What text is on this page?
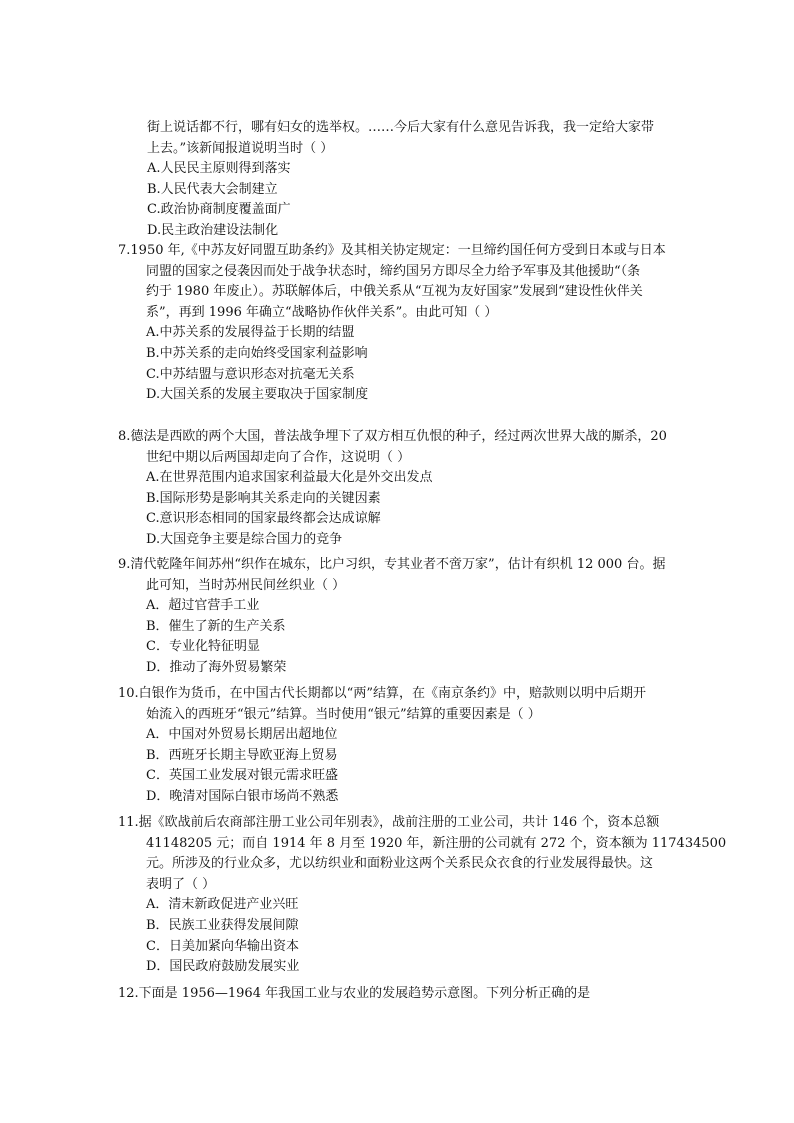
街上说话都不行，哪有妇女的选举权。……今后大家有什么意见告诉我，我一定给大家带
上去。”该新闻报道说明当时（ ）
A.人民民主原则得到落实
B.人民代表大会制建立
C.政治协商制度覆盖面广
D.民主政治建设法制化
7.1950 年,《中苏友好同盟互助条约》及其相关协定规定：一旦缔约国任何方受到日本或与日本
同盟的国家之侵袭因而处于战争状态时，缔约国另方即尽全力给予军事及其他援助“（条
约于 1980 年废止）。苏联解体后，中俄关系从“互视为友好国家”发展到“建设性伙伴关
系”，再到 1996 年确立“战略协作伙伴关系”。由此可知（ ）
A.中苏关系的发展得益于长期的结盟
B.中苏关系的走向始终受国家利益影响
C.中苏结盟与意识形态对抗毫无关系
D.大国关系的发展主要取决于国家制度
8.德法是西欧的两个大国，普法战争埋下了双方相互仇恨的种子，经过两次世界大战的厮杀，20
世纪中期以后两国却走向了合作，这说明（ ）
A.在世界范围内追求国家利益最大化是外交出发点
B.国际形势是影响其关系走向的关键因素
C.意识形态相同的国家最终都会达成谅解
D.大国竞争主要是综合国力的竞争
9.清代乾隆年间苏州“织作在城东，比户习织，专其业者不啻万家”，估计有织机 12 000 台。据
此可知，当时苏州民间丝织业（ ）
A．超过官营手工业
B．催生了新的生产关系
C．专业化特征明显
D．推动了海外贸易繁荣
10.白银作为货币，在中国古代长期都以“两”结算，在《南京条约》中，赔款则以明中后期开
始流入的西班牙“银元”结算。当时使用“银元”结算的重要因素是（ ）
A．中国对外贸易长期居出超地位
B．西班牙长期主导欧亚海上贸易
C．英国工业发展对银元需求旺盛
D．晚清对国际白银市场尚不熟悉
11.据《欧战前后农商部注册工业公司年别表》，战前注册的工业公司，共计 146 个，资本总额
41148205 元；而自 1914 年 8 月至 1920 年，新注册的公司就有 272 个，资本额为 117434500
元。所涉及的行业众多，尤以纺织业和面粉业这两个关系民众衣食的行业发展得最快。这
表明了（ ）
A．清末新政促进产业兴旺
B．民族工业获得发展间隙
C．日美加紧向华输出资本
D．国民政府鼓励发展实业
12.下面是 1956—1964 年我国工业与农业的发展趋势示意图。下列分析正确的是
